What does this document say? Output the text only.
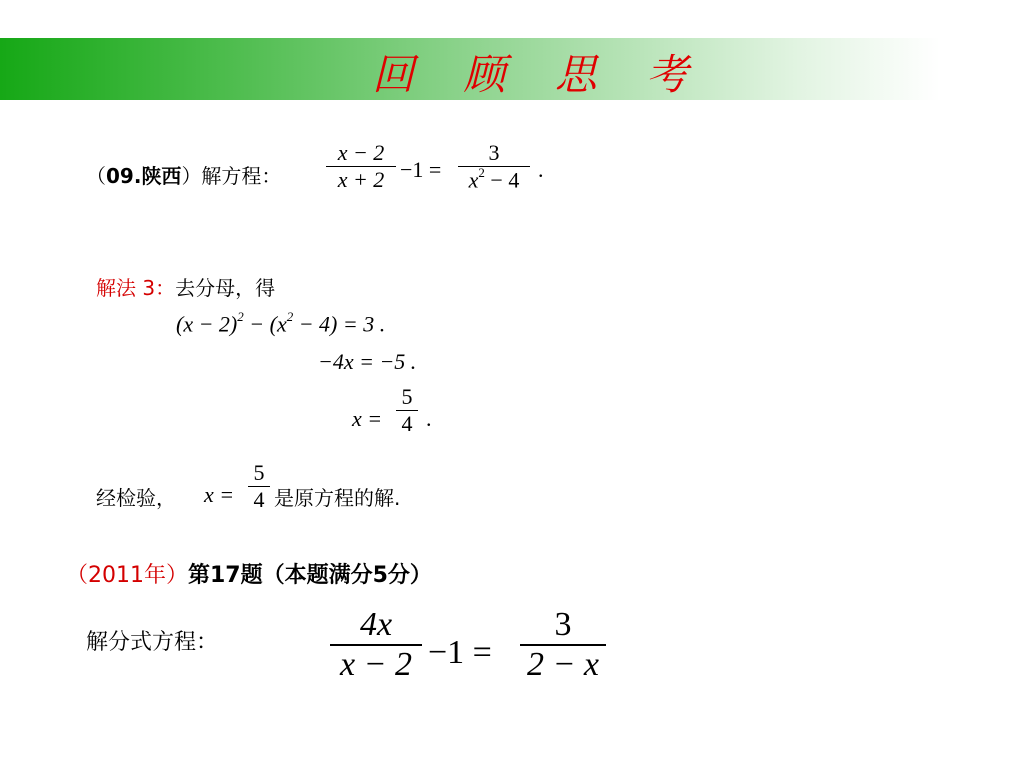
回 顾 思 考
（09.陕西）解方程：
x − 2
x + 2 −1 =
3
$x^2 - 4$ .
解法 3：去分母，得
$(x - 2)^2 - (x^2 - 4) = 3$ .
−4x = −5 .
x =
5
4 .
经检验， x =
5
4 是原方程的解.
（2011年）第17题（本题满分5分）
解分式方程：	4x
x − 2 −1 =
3
2 − x
